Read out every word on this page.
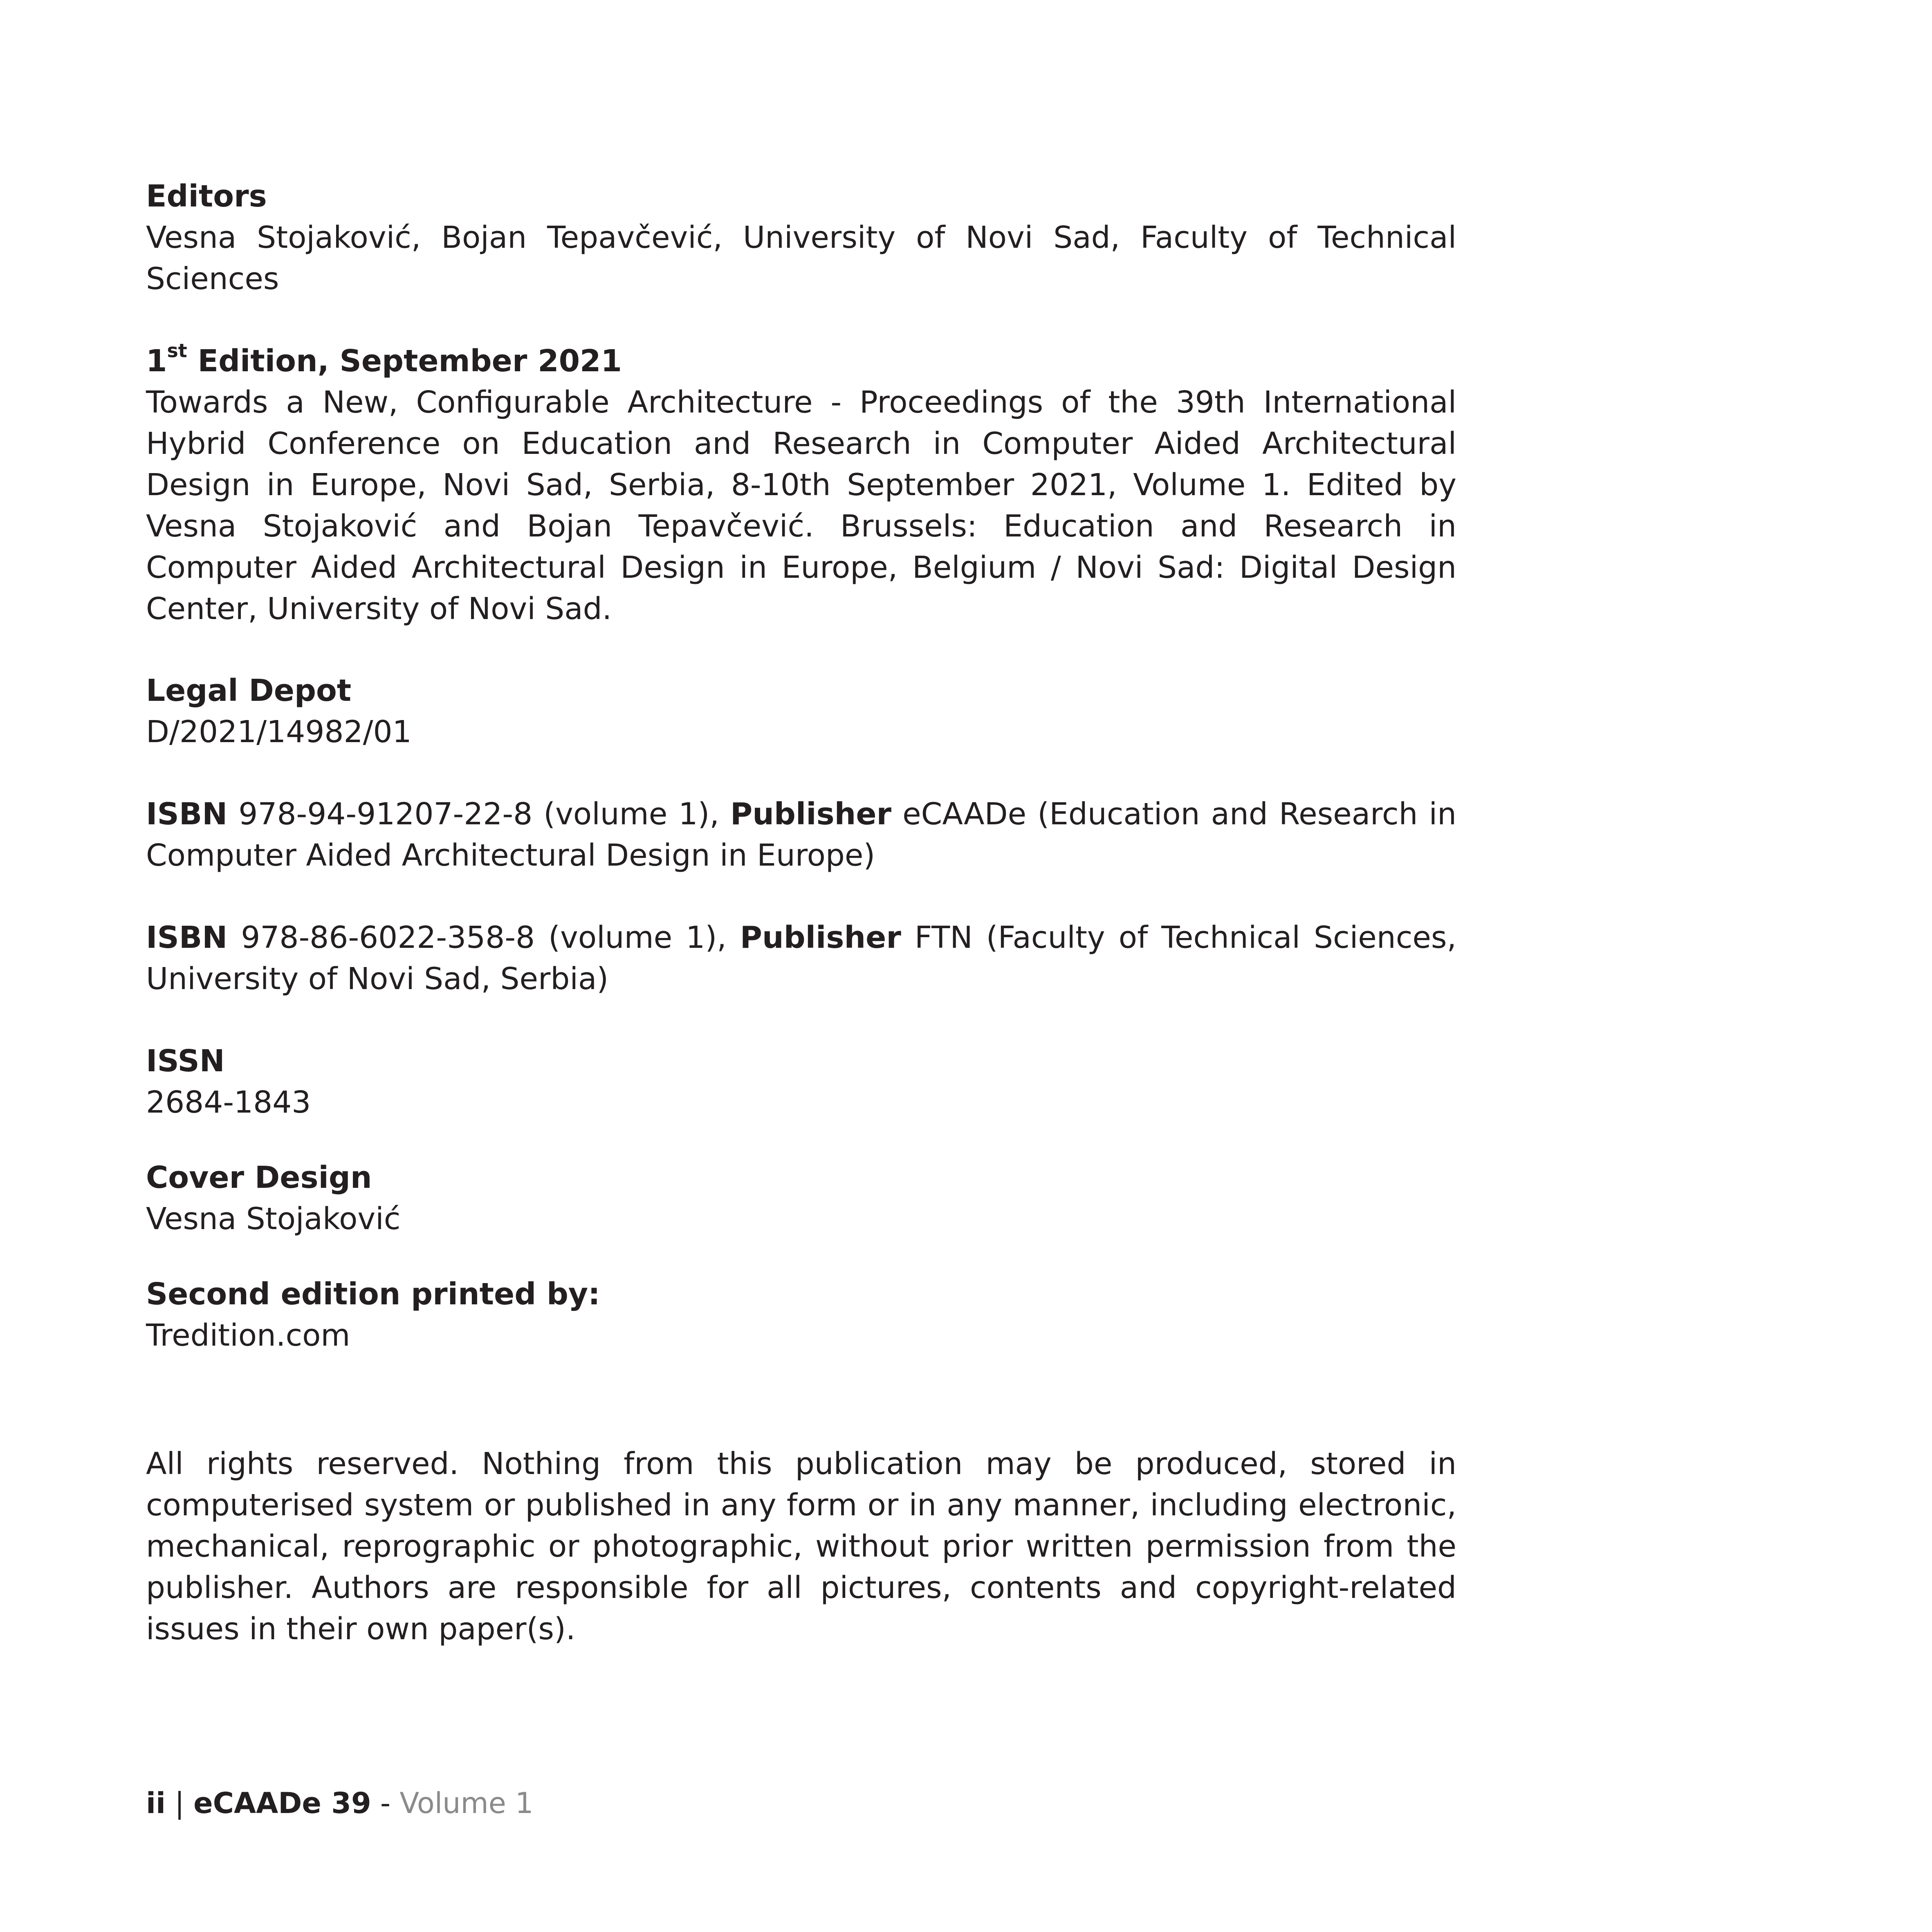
Editors
Vesna Stojaković, Bojan Tepavčević, University of Novi Sad, Faculty of Technical Sciences
1st Edition, September 2021
Towards a New, Configurable Architecture - Proceedings of the 39th International Hybrid Conference on Education and Research in Computer Aided Architectural Design in Europe, Novi Sad, Serbia, 8-10th September 2021, Volume 1. Edited by Vesna Stojaković and Bojan Tepavčević. Brussels: Education and Research in Computer Aided Architectural Design in Europe, Belgium / Novi Sad: Digital Design Center, University of Novi Sad.
Legal Depot
D/2021/14982/01
ISBN 978-94-91207-22-8 (volume 1), Publisher eCAADe (Education and Research in Computer Aided Architectural Design in Europe)
ISBN 978-86-6022-358-8 (volume 1), Publisher FTN (Faculty of Technical Sciences, University of Novi Sad, Serbia)
ISSN
2684-1843
Cover Design
Vesna Stojaković
Second edition printed by:
Tredition.com
All rights reserved. Nothing from this publication may be produced, stored in computerised system or published in any form or in any manner, including electronic, mechanical, reprographic or photographic, without prior written permission from the publisher. Authors are responsible for all pictures, contents and copyright-related issues in their own paper(s).
ii | eCAADe 39 - Volume 1
